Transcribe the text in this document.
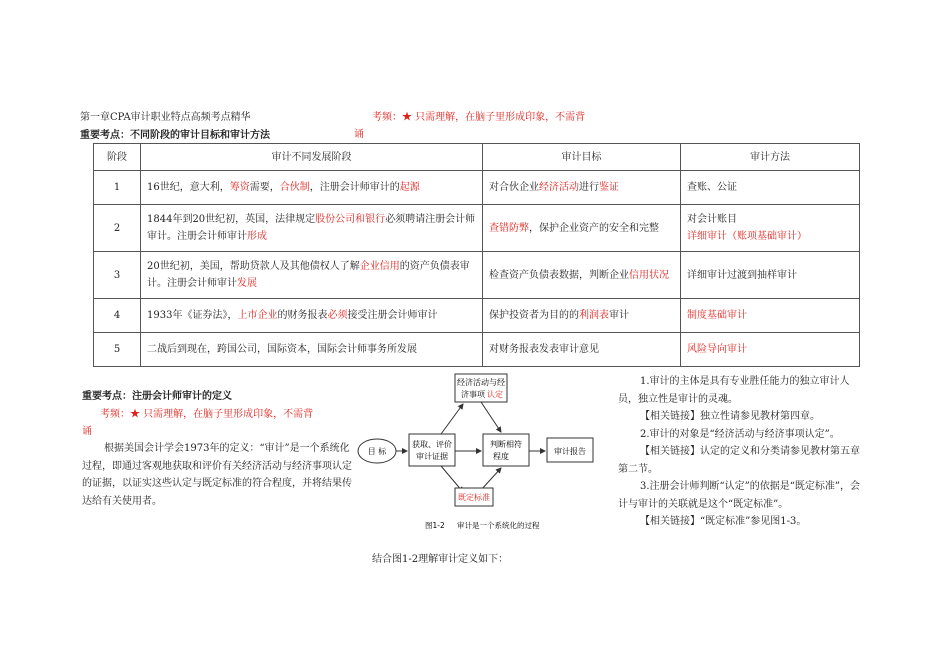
第一章CPA审计职业特点高频考点精华	考频：★ 只需理解，在脑子里形成印象，不需背
诵
重要考点：不同阶段的审计目标和审计方法
阶段	审计不同发展阶段	审计目标	审计方法
1	16世纪，意大利，筹资需要，合伙制，注册会计师审计的起源	对合伙企业经济活动进行鉴证	查账、公证
2	1844年到20世纪初，英国，法律规定股份公司和银行必须聘请注册会计师审计。注册会计师审计形成	查错防弊，保护企业资产的安全和完整	对会计账目详细审计（账项基础审计）
3	20世纪初，美国，帮助贷款人及其他债权人了解企业信用的资产负债表审计。注册会计师审计发展	检查资产负债表数据，判断企业信用状况	详细审计过渡到抽样审计
4	1933年《证券法》，上市企业的财务报表必须接受注册会计师审计	保护投资者为目的的利润表审计	制度基础审计
5	二战后到现在，跨国公司，国际资本，国际会计师事务所发展	对财务报表发表审计意见	风险导向审计
重要考点：注册会计师审计的定义
考频：★ 只需理解，在脑子里形成印象，不需背
诵
根据美国会计学会1973年的定义：“审计”是一个系统化过程，即通过客观地获取和评价有关经济活动与经济事项认定的证据，以证实这些认定与既定标准的符合程度，并将结果传达给有关使用者。
目 标
获取、评价
审计证据
经济活动与经
济事项 认定
判断相符
程度
审计报告
既定标准
图1-2 审计是一个系统化的过程
结合图1-2理解审计定义如下：

1.审计的主体是具有专业胜任能力的独立审计人员，独立性是审计的灵魂。

【相关链接】独立性请参见教材第四章。

2.审计的对象是“经济活动与经济事项认定”。

【相关链接】认定的定义和分类请参见教材第五章第二节。

3.注册会计师判断“认定”的依据是“既定标准”，会计与审计的关联就是这个“既定标准”。

【相关链接】“既定标准”参见图1-3。
